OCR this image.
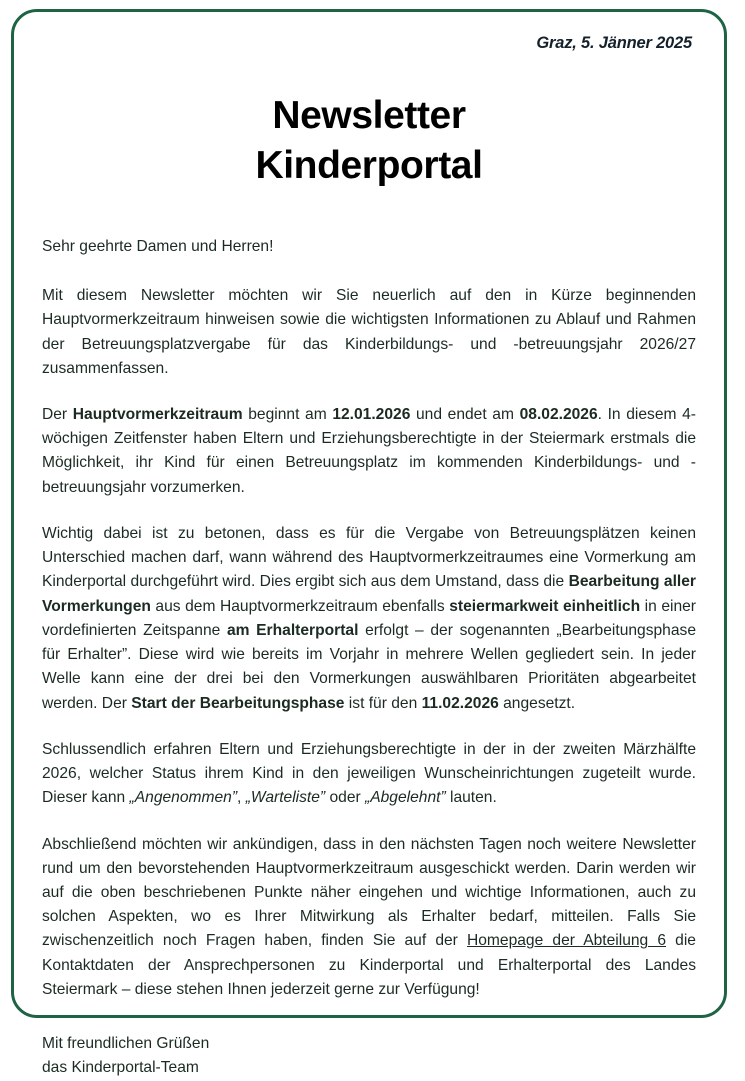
Graz, 5. Jänner 2025
Newsletter
Kinderportal

Sehr geehrte Damen und Herren!

Mit diesem Newsletter möchten wir Sie neuerlich auf den in Kürze beginnenden Hauptvormerkzeitraum hinweisen sowie die wichtigsten Informationen zu Ablauf und Rahmen der Betreuungsplatzvergabe für das Kinderbildungs- und -betreuungsjahr 2026/27 zusammenfassen.

Der Hauptvormerkzeitraum beginnt am 12.01.2026 und endet am 08.02.2026. In diesem 4-wöchigen Zeitfenster haben Eltern und Erziehungsberechtigte in der Steiermark erstmals die Möglichkeit, ihr Kind für einen Betreuungsplatz im kommenden Kinderbildungs- und -betreuungsjahr vorzumerken.

Wichtig dabei ist zu betonen, dass es für die Vergabe von Betreuungsplätzen keinen Unterschied machen darf, wann während des Hauptvormerkzeitraumes eine Vormerkung am Kinderportal durchgeführt wird. Dies ergibt sich aus dem Umstand, dass die Bearbeitung aller Vormerkungen aus dem Hauptvormerkzeitraum ebenfalls steiermarkweit einheitlich in einer vordefinierten Zeitspanne am Erhalterportal erfolgt – der sogenannten „Bearbeitungsphase für Erhalter”. Diese wird wie bereits im Vorjahr in mehrere Wellen gegliedert sein. In jeder Welle kann eine der drei bei den Vormerkungen auswählbaren Prioritäten abgearbeitet werden. Der Start der Bearbeitungsphase ist für den 11.02.2026 angesetzt.

Schlussendlich erfahren Eltern und Erziehungsberechtigte in der in der zweiten Märzhälfte 2026, welcher Status ihrem Kind in den jeweiligen Wunscheinrichtungen zugeteilt wurde. Dieser kann „Angenommen”, „Warteliste” oder „Abgelehnt” lauten.

Abschließend möchten wir ankündigen, dass in den nächsten Tagen noch weitere Newsletter rund um den bevorstehenden Hauptvormerkzeitraum ausgeschickt werden. Darin werden wir auf die oben beschriebenen Punkte näher eingehen und wichtige Informationen, auch zu solchen Aspekten, wo es Ihrer Mitwirkung als Erhalter bedarf, mitteilen. Falls Sie zwischenzeitlich noch Fragen haben, finden Sie auf der Homepage der Abteilung 6 die Kontaktdaten der Ansprechpersonen zu Kinderportal und Erhalterportal des Landes Steiermark – diese stehen Ihnen jederzeit gerne zur Verfügung!

Mit freundlichen Grüßen
das Kinderportal-Team
